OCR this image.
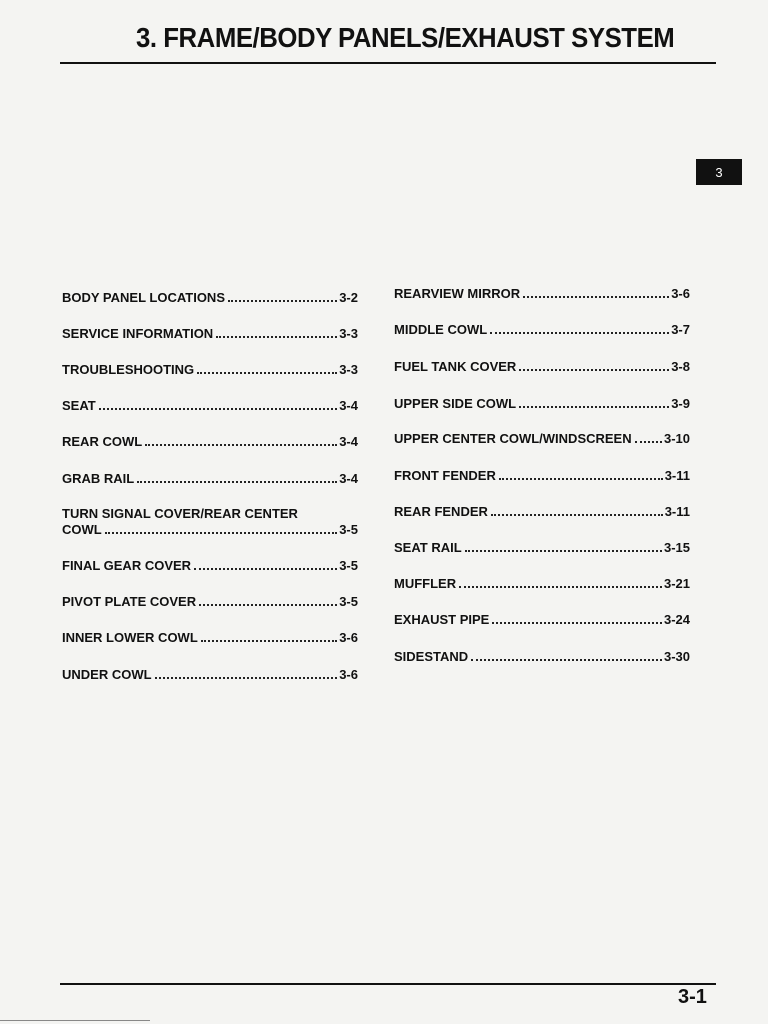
3. FRAME/BODY PANELS/EXHAUST SYSTEM
3
BODY PANEL LOCATIONS	3-2
SERVICE INFORMATION	3-3
TROUBLESHOOTING	3-3
SEAT	3-4
REAR COWL	3-4
GRAB RAIL	3-4
TURN SIGNAL COVER/REAR CENTER
COWL	3-5
FINAL GEAR COVER	3-5
PIVOT PLATE COVER	3-5
INNER LOWER COWL	3-6
UNDER COWL	3-6
REARVIEW MIRROR	3-6
MIDDLE COWL	3-7
FUEL TANK COVER	3-8
UPPER SIDE COWL	3-9
UPPER CENTER COWL/WINDSCREEN 3-10
FRONT FENDER	3-11
REAR FENDER	3-11
SEAT RAIL	3-15
MUFFLER	3-21
EXHAUST PIPE	3-24
SIDESTAND	3-30
3-1
